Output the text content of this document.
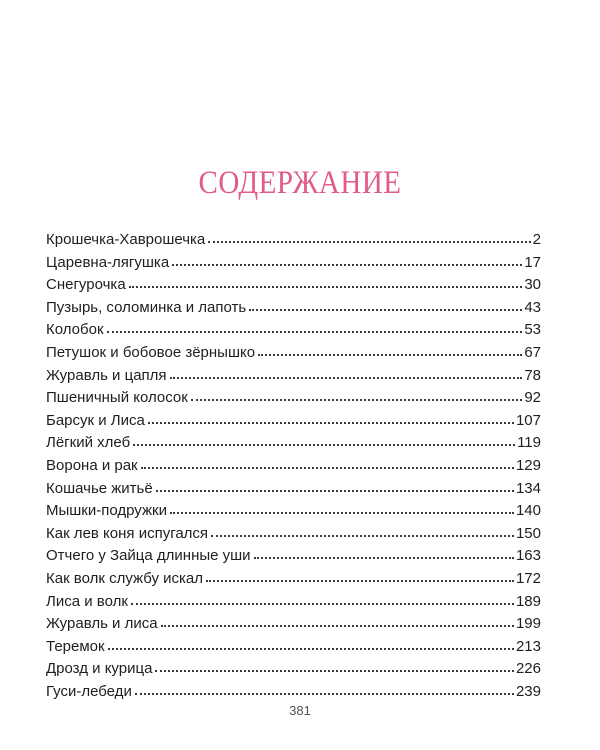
СОДЕРЖАНИЕ
Крошечка-Хаврошечка	2
Царевна-лягушка	17
Снегурочка	30
Пузырь, соломинка и лапоть	43
Колобок	53
Петушок и бобовое зёрнышко	67
Журавль и цапля	78
Пшеничный колосок	92
Барсук и Лиса	107
Лёгкий хлеб	119
Ворона и рак	129
Кошачье житьё	134
Мышки-подружки	140
Как лев коня испугался	150
Отчего у Зайца длинные уши	163
Как волк службу искал	172
Лиса и волк	189
Журавль и лиса	199
Теремок	213
Дрозд и курица	226
Гуси-лебеди	239
381
